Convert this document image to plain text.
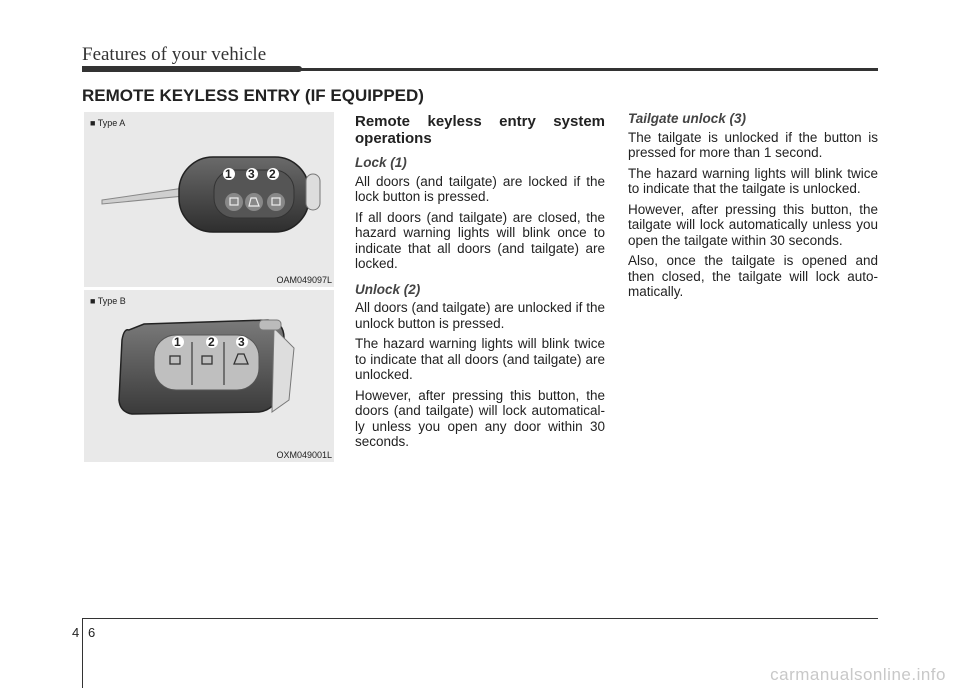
Features of your vehicle
REMOTE KEYLESS ENTRY (IF EQUIPPED)
1 3 2
■ Type A
OAM049097L
1 2 3
■ Type B
OXM049001L
Remote keyless entry system operations
Lock (1)

All doors (and tailgate) are locked if the lock button is pressed.

If all doors (and tailgate) are closed, the hazard warning lights will blink once to indicate that all doors (and tailgate) are locked.

Unlock (2)

All doors (and tailgate) are unlocked if the unlock button is pressed.

The hazard warning lights will blink twice to indicate that all doors (and tailgate) are unlocked.

However, after pressing this button, the doors (and tailgate) will lock automatical-ly unless you open any door within 30 seconds.

Tailgate unlock (3)

The tailgate is unlocked if the button is pressed for more than 1 second.

The hazard warning lights will blink twice to indicate that the tailgate is unlocked.

However, after pressing this button, the tailgate will lock automatically unless you open the tailgate within 30 seconds.

Also, once the tailgate is opened and then closed, the tailgate will lock auto-matically.

4 6
carmanualsonline.info
